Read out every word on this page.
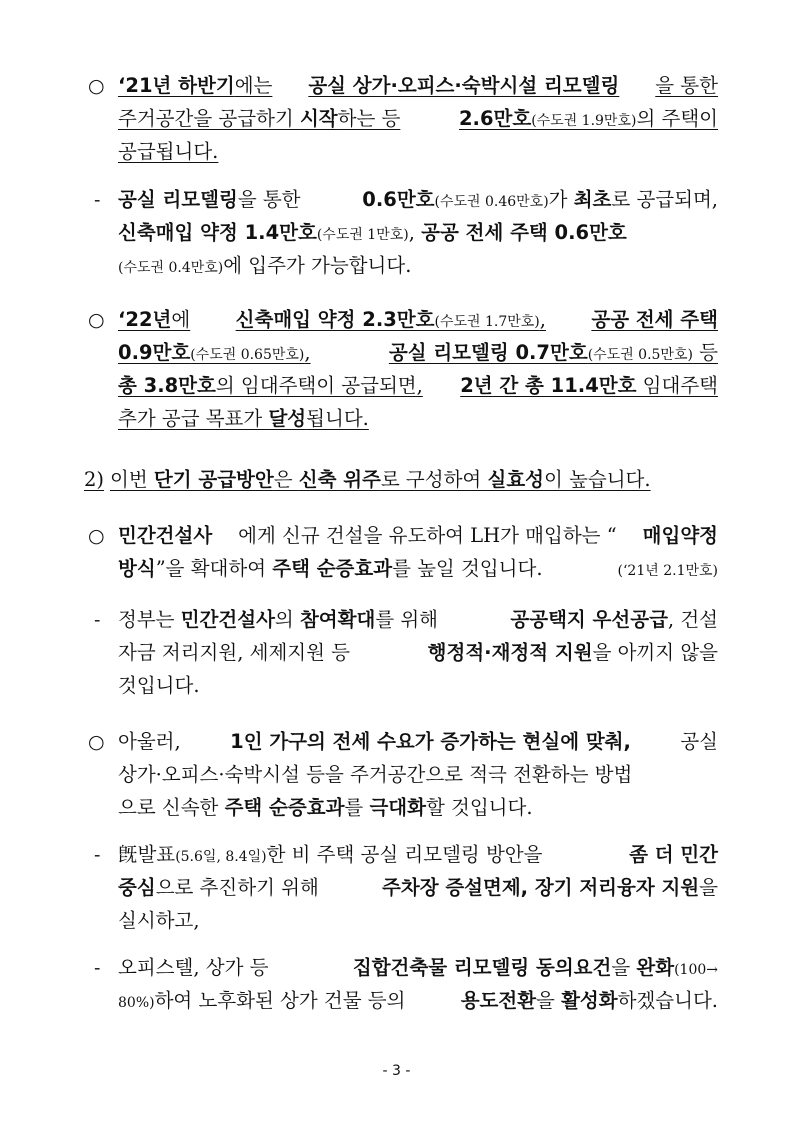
○ ‘21년 하반기에는 공실 상가·오피스·숙박시설 리모델링 을 통한
주거공간을 공급하기 시작하는 등	2.6만호(수도권 1.9만호)의 주택이
공급됩니다.
- 공실 리모델링을 통한	0.6만호(수도권 0.46만호)가 최초로 공급되며,
신축매입 약정 1.4만호(수도권 1만호), 공공 전세 주택 0.6만호
(수도권 0.4만호)에 입주가 가능합니다.
○ ‘22년에 신축매입 약정 2.3만호(수도권 1.7만호), 공공 전세 주택
0.9만호(수도권 0.65만호),	공실 리모델링 0.7만호(수도권 0.5만호) 등
총 3.8만호의 임대주택이 공급되면, 2년 간 총 11.4만호 임대주택
추가 공급 목표가 달성됩니다.
2) 이번 단기 공급방안은 신축 위주로 구성하여 실효성이 높습니다.
○ 민간건설사 에게 신규 건설을 유도하여 LH가 매입하는 “ 매입약정
방식”을 확대하여 주택 순증효과를 높일 것입니다.	(‘21년 2.1만호)
- 정부는 민간건설사의 참여확대를 위해	공공택지 우선공급, 건설
자금 저리지원, 세제지원 등	행정적·재정적 지원을 아끼지 않을
것입니다.
○ 아울러,	1인 가구의 전세 수요가 증가하는 현실에 맞춰,	공실
상가·오피스·숙박시설 등을 주거공간으로 적극 전환하는 방법
으로 신속한 주택 순증효과를 극대화할 것입니다.
- 旣발표(5.6일, 8.4일)한 비 주택 공실 리모델링 방안을	좀 더 민간
중심으로 추진하기 위해	주차장 증설면제, 장기 저리융자 지원을
실시하고,
- 오피스텔, 상가 등	집합건축물 리모델링 동의요건을 완화(100→
80%)하여 노후화된 상가 건물 등의	용도전환을 활성화하겠습니다.
- 3 -
